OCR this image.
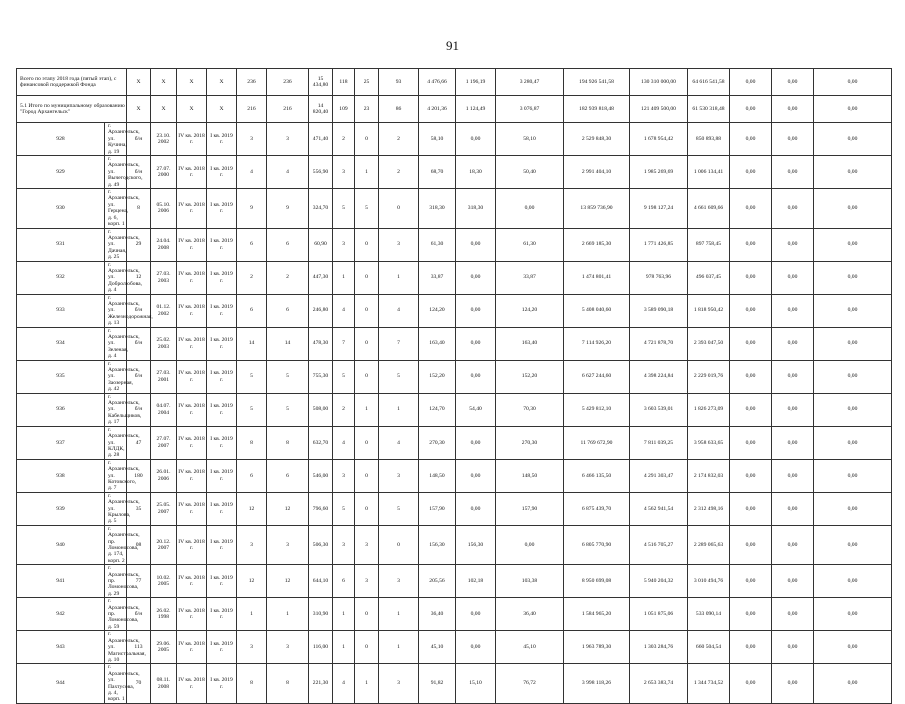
91
Всего по этапу 2018 года (пятый этап), с финансовой поддержкой Фонда		X	X	X	X	236	236	15 434,80	118	25	93	4 476,66	1 196,19	3 280,47	194 926 541,58	130 310 000,00	64 616 541,58	0,00	0,00	0,00
5.1 Итого по муниципальному образованию "Город Архангельск"		X	X	X	X	216	216	14 820,40	109	23	86	4 201,36	1 124,49	3 076,87	182 939 818,48	121 409 500,00	61 530 318,48	0,00	0,00	0,00
928	г. Архангельск, ул. Кучина, д. 19	б/н	23.10. 2002	IV кв. 2018 г.	I кв. 2019 г.	3	3	471,40	2	0	2	58,10	0,00	58,10	2 529 848,30	1 678 954,42	850 893,88	0,00	0,00	0,00
929	г. Архангельск, ул. Вычегодского, д. 49	б/н	27.07. 2000	IV кв. 2018 г.	I кв. 2019 г.	4	4	556,90	3	1	2	68,70	18,30	50,40	2 991 404,10	1 985 269,69	1 006 134,41	0,00	0,00	0,00
930	г. Архангельск, ул. Герцена, д. 6, корп. 1	8	05.10. 2006	IV кв. 2018 г.	I кв. 2019 г.	9	9	324,70	5	5	0	318,30	318,30	0,00	13 859 736,90	9 198 127,24	4 661 609,66	0,00	0,00	0,00
931	г. Архангельск, ул. Дачная, д. 25	29	24.04. 2008	IV кв. 2018 г.	I кв. 2019 г.	6	6	60,90	3	0	3	61,30	0,00	61,30	2 669 185,30	1 771 426,85	897 758,45	0,00	0,00	0,00
932	г. Архангельск, ул. Добролюбова, д. 4	12	27.03. 2003	IV кв. 2018 г.	I кв. 2019 г.	2	2	447,30	1	0	1	33,87	0,00	33,87	1 474 801,41	978 763,96	496 037,45	0,00	0,00	0,00
933	г. Архангельск, ул. Железнодорожная, д. 13	б/н	01.12. 2002	IV кв. 2018 г.	I кв. 2019 г.	6	6	246,80	4	0	4	124,20	0,00	124,20	5 408 040,60	3 589 090,18	1 818 950,42	0,00	0,00	0,00
934	г. Архангельск, ул. Зеленая, д. 4	б/н	25.02. 2003	IV кв. 2018 г.	I кв. 2019 г.	14	14	478,30	7	0	7	163,40	0,00	163,40	7 114 926,20	4 721 878,70	2 393 047,50	0,00	0,00	0,00
935	г. Архангельск, ул. Заозерная, д. 42	б/н	27.03. 2001	IV кв. 2018 г.	I кв. 2019 г.	5	5	755,30	5	0	5	152,20	0,00	152,20	6 627 244,60	4 398 224,84	2 229 019,76	0,00	0,00	0,00
936	г. Архангельск, ул. Кабельщиков, д. 17	б/н	04.07. 2004	IV кв. 2018 г.	I кв. 2019 г.	5	5	508,00	2	1	1	124,70	54,40	70,30	5 429 812,10	3 603 539,01	1 826 273,09	0,00	0,00	0,00
937	г. Архангельск, ул. КЛДК, д. 28	47	27.07. 2007	IV кв. 2018 г.	I кв. 2019 г.	8	8	632,70	4	0	4	270,30	0,00	270,30	11 769 672,90	7 811 039,25	3 958 633,65	0,00	0,00	0,00
938	г. Архангельск, ул. Котовского, д. 7	180	26.01. 2006	IV кв. 2018 г.	I кв. 2019 г.	6	6	546,00	3	0	3	148,50	0,00	148,50	6 466 135,50	4 291 303,47	2 174 832,03	0,00	0,00	0,00
939	г. Архангельск, ул. Крылова, д. 5	35	25.05. 2007	IV кв. 2018 г.	I кв. 2019 г.	12	12	796,60	5	0	5	157,90	0,00	157,90	6 875 439,70	4 562 941,54	2 312 498,16	0,00	0,00	0,00
940	г. Архангельск, пр. Ломоносова, д. 174, корп. 2	08	20.12. 2007	IV кв. 2018 г.	I кв. 2019 г.	3	3	506,30	3	3	0	156,30	156,30	0,00	6 805 770,90	4 516 705,27	2 289 065,63	0,00	0,00	0,00
941	г. Архангельск, пр. Ломоносова, д. 29	77	10.02. 2005	IV кв. 2018 г.	I кв. 2019 г.	12	12	644,10	6	3	3	205,56	102,18	103,38	8 950 699,08	5 940 204,32	3 010 494,76	0,00	0,00	0,00
942	г. Архангельск, пр. Ломоносова, д. 59	б/н	26.02. 1998	IV кв. 2018 г.	I кв. 2019 г.	1	1	310,90	1	0	1	36,40	0,00	36,40	1 584 965,20	1 051 875,06	533 090,14	0,00	0,00	0,00
943	г. Архангельск, ул. Магистральная, д. 10	113	29.06. 2005	IV кв. 2018 г.	I кв. 2019 г.	3	3	116,00	1	0	1	45,10	0,00	45,10	1 963 789,30	1 303 284,76	660 504,54	0,00	0,00	0,00
944	г. Архангельск, ул. Пахтусова, д. 4, корп. 1	70	08.11. 2008	IV кв. 2018 г.	I кв. 2019 г.	8	8	221,30	4	1	3	91,82	15,10	76,72	3 998 118,26	2 653 383,74	1 344 734,52	0,00	0,00	0,00
